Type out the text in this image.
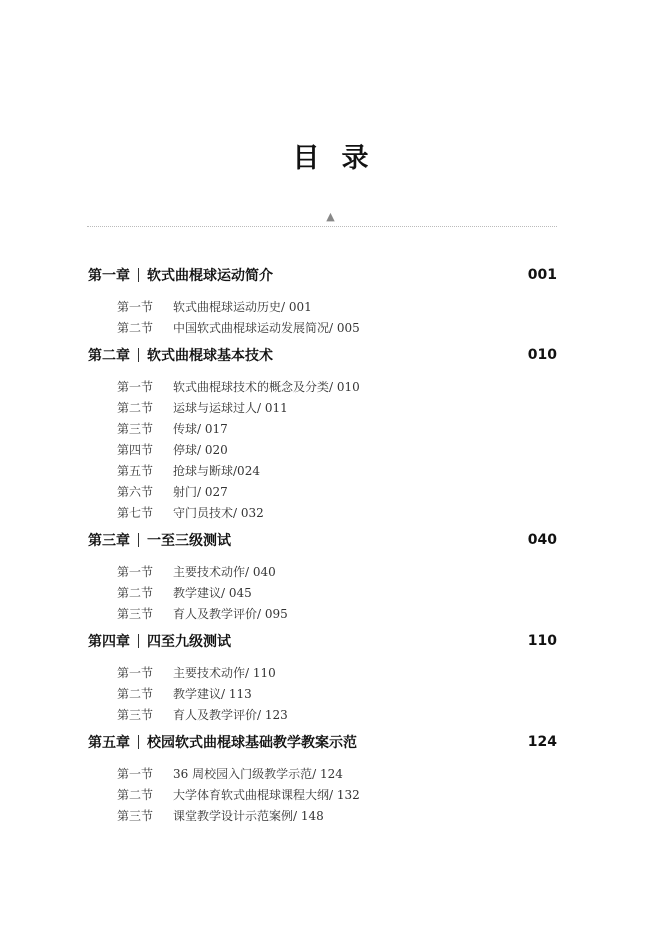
目录
▲
第一章 软式曲棍球运动简介	001
第一节	软式曲棍球运动历史 / 001
第二节	中国软式曲棍球运动发展简况 / 005
第二章 软式曲棍球基本技术	010
第一节	软式曲棍球技术的概念及分类 / 010
第二节	运球与运球过人 / 011
第三节	传球 / 017
第四节	停球 / 020
第五节	抢球与断球 /024
第六节	射门 / 027
第七节	守门员技术 / 032
第三章 一至三级测试	040
第一节	主要技术动作 / 040
第二节	教学建议 / 045
第三节	育人及教学评价 / 095
第四章 四至九级测试	110
第一节	主要技术动作 / 110
第二节	教学建议 / 113
第三节	育人及教学评价 / 123
第五章 校园软式曲棍球基础教学教案示范	124
第一节	36 周校园入门级教学示范 / 124
第二节	大学体育软式曲棍球课程大纲 / 132
第三节	课堂教学设计示范案例 / 148
